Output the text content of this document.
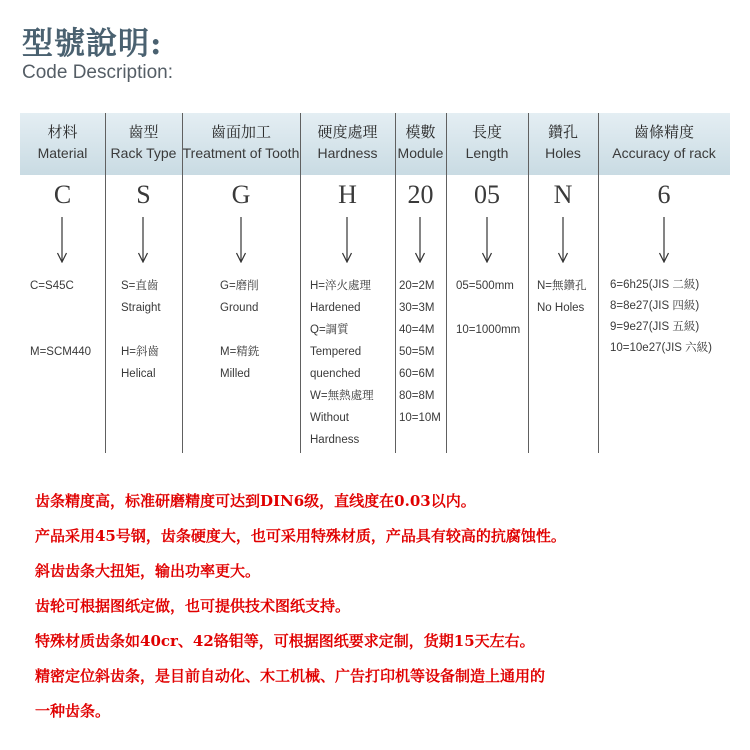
型號說明:
Code Description:
材料
Material
C
C=S45C
M=SCM440
齒型
Rack Type
S
S=直齒
Straight
H=斜齒
Helical
齒面加工
Treatment of Tooth
G
G=磨削
Ground
M=精銑
Milled
硬度處理
Hardness
H
H=淬火處理
Hardened
Q=調質
Tempered
quenched
W=無熱處理
Without
Hardness
模數
Module
20
20=2M
30=3M
40=4M
50=5M
60=6M
80=8M
10=10M
長度
Length
05
05=500mm
10=1000mm
鑽孔
Holes
N
N=無鑽孔
No Holes
齒條精度
Accuracy of rack
6
6=6h25(JIS 二級)
8=8e27(JIS 四級)
9=9e27(JIS 五級)
10=10e27(JIS 六級)
齿条精度高，标准研磨精度可达到DIN6级，直线度在0.03以内。
产品采用45号钢，齿条硬度大，也可采用特殊材质，产品具有较高的抗腐蚀性。
斜齿齿条大扭矩，输出功率更大。
齿轮可根据图纸定做，也可提供技术图纸支持。
特殊材质齿条如40cr、42铬钼等，可根据图纸要求定制，货期15天左右。
精密定位斜齿条，是目前自动化、木工机械、广告打印机等设备制造上通用的
一种齿条。
